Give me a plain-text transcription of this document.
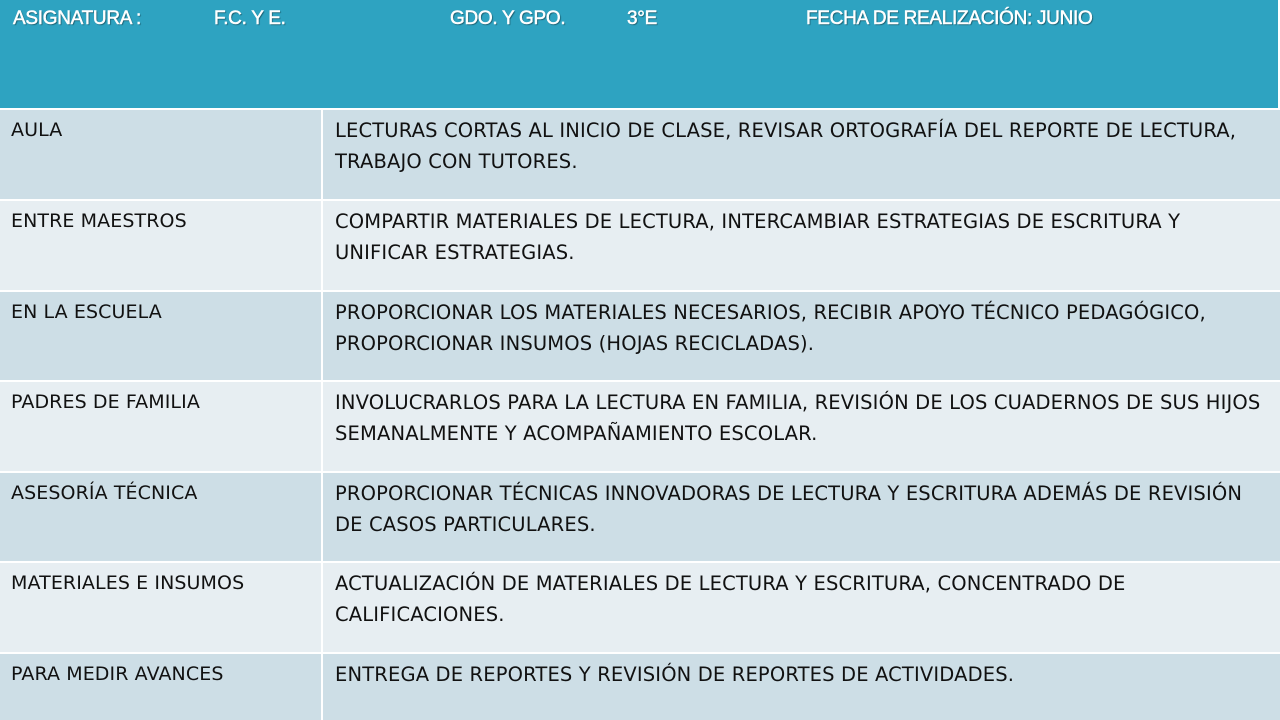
ASIGNATURA :	F.C. Y E.	GDO. Y GPO.	3°E	FECHA DE REALIZACIÓN: JUNIO
AULA	LECTURAS CORTAS AL INICIO DE CLASE, REVISAR ORTOGRAFÍA DEL REPORTE DE LECTURA, TRABAJO CON TUTORES.
ENTRE MAESTROS	COMPARTIR MATERIALES DE LECTURA, INTERCAMBIAR ESTRATEGIAS DE ESCRITURA Y UNIFICAR ESTRATEGIAS.
EN LA ESCUELA	PROPORCIONAR LOS MATERIALES NECESARIOS, RECIBIR APOYO TÉCNICO PEDAGÓGICO, PROPORCIONAR INSUMOS (HOJAS RECICLADAS).
PADRES DE FAMILIA	INVOLUCRARLOS PARA LA LECTURA EN FAMILIA, REVISIÓN DE LOS CUADERNOS DE SUS HIJOS SEMANALMENTE Y ACOMPAÑAMIENTO ESCOLAR.
ASESORÍA TÉCNICA	PROPORCIONAR TÉCNICAS INNOVADORAS DE LECTURA Y ESCRITURA ADEMÁS DE REVISIÓN DE CASOS PARTICULARES.
MATERIALES E INSUMOS	ACTUALIZACIÓN DE MATERIALES DE LECTURA Y ESCRITURA, CONCENTRADO DE CALIFICACIONES.
PARA MEDIR AVANCES	ENTREGA DE REPORTES Y REVISIÓN DE REPORTES DE ACTIVIDADES.
